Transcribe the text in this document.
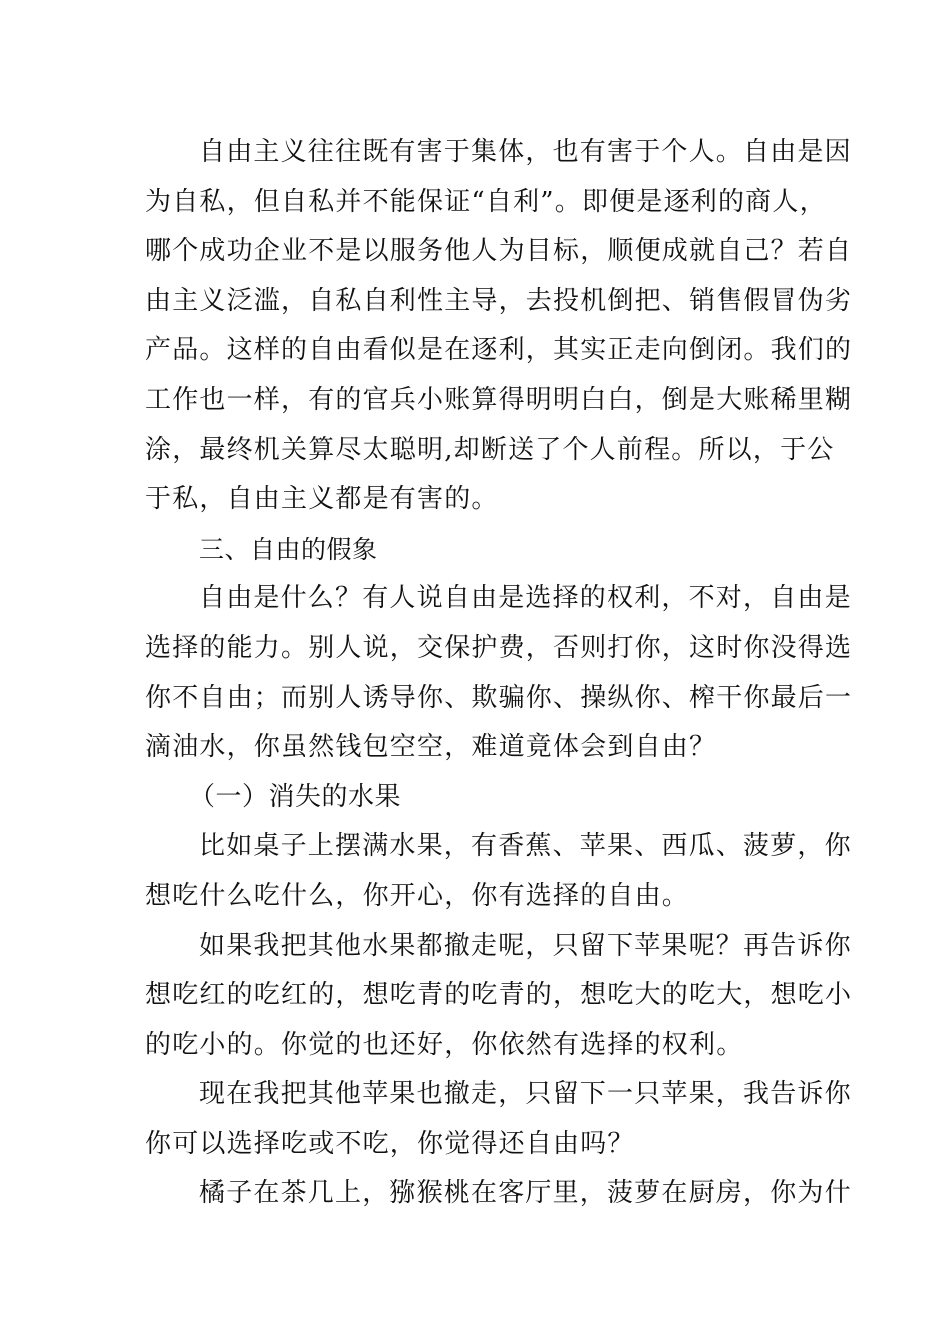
自由主义往往既有害于集体，也有害于个人。自由是因
为自私，但自私并不能保证“自利”。即便是逐利的商人，
哪个成功企业不是以服务他人为目标，顺便成就自己？若自
由主义泛滥，自私自利性主导，去投机倒把、销售假冒伪劣
产品。这样的自由看似是在逐利，其实正走向倒闭。我们的
工作也一样，有的官兵小账算得明明白白，倒是大账稀里糊
涂，最终机关算尽太聪明,却断送了个人前程。所以，于公
于私，自由主义都是有害的。
三、自由的假象
自由是什么？有人说自由是选择的权利，不对，自由是
选择的能力。别人说，交保护费，否则打你，这时你没得选
你不自由；而别人诱导你、欺骗你、操纵你、榨干你最后一
滴油水，你虽然钱包空空，难道竟体会到自由？
（一）消失的水果
比如桌子上摆满水果，有香蕉、苹果、西瓜、菠萝，你
想吃什么吃什么，你开心，你有选择的自由。
如果我把其他水果都撤走呢，只留下苹果呢？再告诉你
想吃红的吃红的，想吃青的吃青的，想吃大的吃大，想吃小
的吃小的。你觉的也还好，你依然有选择的权利。
现在我把其他苹果也撤走，只留下一只苹果，我告诉你
你可以选择吃或不吃，你觉得还自由吗？
橘子在茶几上，猕猴桃在客厅里，菠萝在厨房，你为什
